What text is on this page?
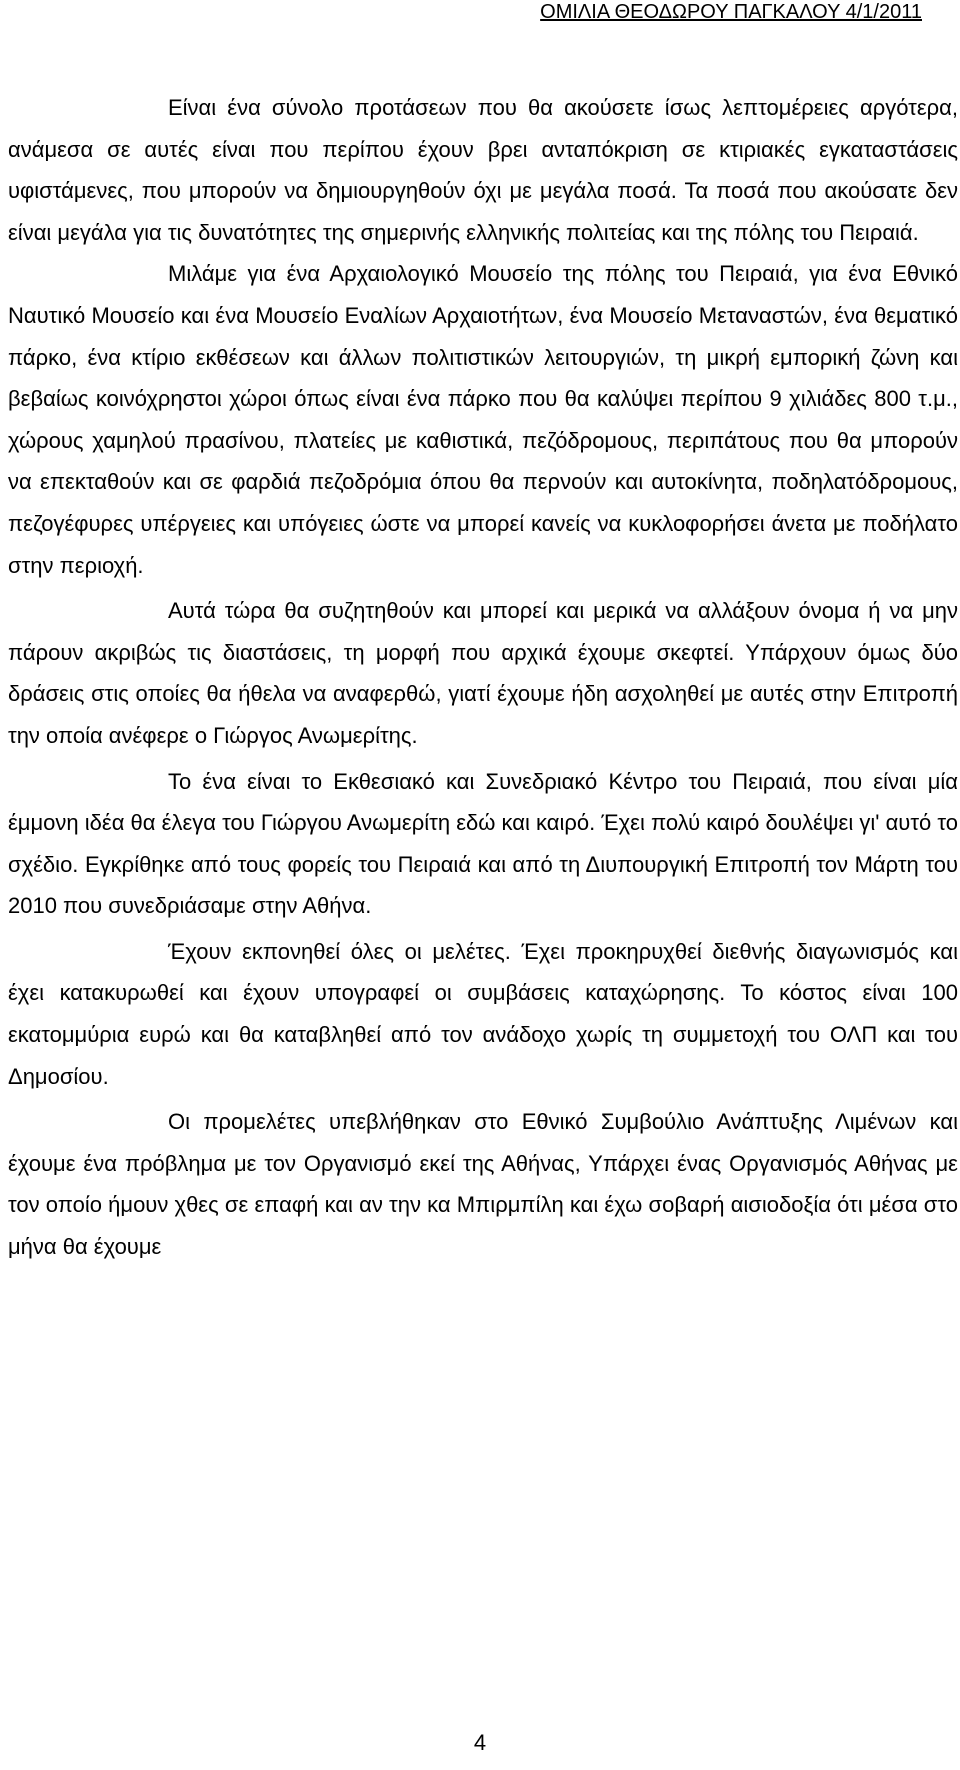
ΟΜΙΛΙΑ ΘΕΟΔΩΡΟΥ ΠΑΓΚΑΛΟΥ 4/1/2011

Είναι ένα σύνολο προτάσεων που θα ακούσετε ίσως λεπτομέρειες αργότερα, ανάμεσα σε αυτές είναι που περίπου έχουν βρει ανταπόκριση σε κτιριακές εγκαταστάσεις υφιστάμενες, που μπορούν να δημιουργηθούν όχι με μεγάλα ποσά. Τα ποσά που ακούσατε δεν είναι μεγάλα για τις δυνατότητες της σημερινής ελληνικής πολιτείας και της πόλης του Πειραιά.

Μιλάμε για ένα Αρχαιολογικό Μουσείο της πόλης του Πειραιά, για ένα Εθνικό Ναυτικό Μουσείο και ένα Μουσείο Εναλίων Αρχαιοτήτων, ένα Μουσείο Μεταναστών, ένα θεματικό πάρκο, ένα κτίριο εκθέσεων και άλλων πολιτιστικών λειτουργιών, τη μικρή εμπορική ζώνη και βεβαίως κοινόχρηστοι χώροι όπως είναι ένα πάρκο που θα καλύψει περίπου 9 χιλιάδες 800 τ.μ., χώρους χαμηλού πρασίνου, πλατείες με καθιστικά, πεζόδρομους, περιπάτους που θα μπορούν να επεκταθούν και σε φαρδιά πεζοδρόμια όπου θα περνούν και αυτοκίνητα, ποδηλατόδρομους, πεζογέφυρες υπέργειες και υπόγειες ώστε να μπορεί κανείς να κυκλοφορήσει άνετα με ποδήλατο στην περιοχή.

Αυτά τώρα θα συζητηθούν και μπορεί και μερικά να αλλάξουν όνομα ή να μην πάρουν ακριβώς τις διαστάσεις, τη μορφή που αρχικά έχουμε σκεφτεί. Υπάρχουν όμως δύο δράσεις στις οποίες θα ήθελα να αναφερθώ, γιατί έχουμε ήδη ασχοληθεί με αυτές στην Επιτροπή την οποία ανέφερε ο Γιώργος Ανωμερίτης.

Το ένα είναι το Εκθεσιακό και Συνεδριακό Κέντρο του Πειραιά, που είναι μία έμμονη ιδέα θα έλεγα του Γιώργου Ανωμερίτη εδώ και καιρό. Έχει πολύ καιρό δουλέψει γι' αυτό το σχέδιο. Εγκρίθηκε από τους φορείς του Πειραιά και από τη Διυπουργική Επιτροπή τον Μάρτη του 2010 που συνεδριάσαμε στην Αθήνα.

Έχουν εκπονηθεί όλες οι μελέτες. Έχει προκηρυχθεί διεθνής διαγωνισμός και έχει κατακυρωθεί και έχουν υπογραφεί οι συμβάσεις καταχώρησης. Το κόστος είναι 100 εκατομμύρια ευρώ και θα καταβληθεί από τον ανάδοχο χωρίς τη συμμετοχή του ΟΛΠ και του Δημοσίου.

Οι προμελέτες υπεβλήθηκαν στο Εθνικό Συμβούλιο Ανάπτυξης Λιμένων και έχουμε ένα πρόβλημα με τον Οργανισμό εκεί της Αθήνας, Υπάρχει ένας Οργανισμός Αθήνας με τον οποίο ήμουν χθες σε επαφή και αν την κα Μπιρμπίλη και έχω σοβαρή αισιοδοξία ότι μέσα στο μήνα θα έχουμε

4
